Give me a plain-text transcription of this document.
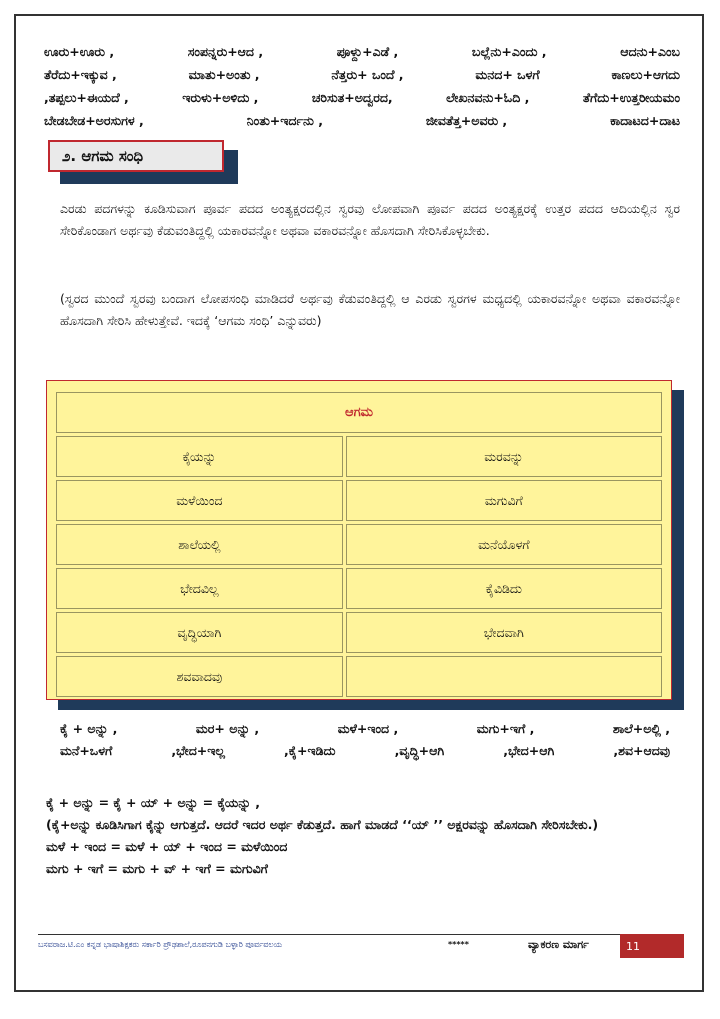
ಊರು+ಊರು ,	ಸಂಪನ್ನರು+ಆದ ,	ಪೂಳ್ದು+ಎಡೆ ,	ಬಲ್ಲೆನು+ಎಂದು ,	ಆದನು+ಎಂಬ
ತೆರೆದು+ಇಕ್ಕುವ ,	ಮಾತು+ಅಂತು ,	ನೆತ್ತರು+ ಒಂದೆ ,	ಮನದ+ ಒಳಗೆ	ಕಾಣಲು+ಆಗದು
,ತಪ್ಪಲು+ಈಯದೆ ,	ಇರುಳು+ಅಳಿದು ,	ಚರಿಸುತ+ಅದ್ವರದ,	ಲೇಖನವನು+ಓದಿ ,	ತೆಗೆದು+ಉತ್ತರೀಯಮಂ
ಬೇಡಬೇಡ+ಅರಸುಗಳ ,	ನಿಂತು+ಇರ್ದನು ,	ಜೀವತೆತ್ತ+ಅವರು ,	ಕಾದಾಟದ+ದಾಟ
೨. ಆಗಮ ಸಂಧಿ
ಎರಡು ಪದಗಳನ್ನು ಕೂಡಿಸುವಾಗ ಪೂರ್ವ ಪದದ ಅಂತ್ಯಕ್ಷರದಲ್ಲಿನ ಸ್ವರವು ಲೋಪವಾಗಿ ಪೂರ್ವ ಪದದ ಅಂತ್ಯಕ್ಷರಕ್ಕೆ ಉತ್ತರ ಪದದ ಆದಿಯಲ್ಲಿನ ಸ್ವರ ಸೇರಿಕೊಂಡಾಗ ಅರ್ಥವು ಕೆಡುವಂತಿದ್ದಲ್ಲಿ ಯಕಾರವನ್ನೋ ಅಥವಾ ವಕಾರವನ್ನೋ ಹೊಸದಾಗಿ ಸೇರಿಸಿಕೊಳ್ಳಬೇಕು.
(ಸ್ವರದ ಮುಂದೆ ಸ್ವರವು ಬಂದಾಗ ಲೋಪಸಂಧಿ ಮಾಡಿದರೆ ಅರ್ಥವು ಕೆಡುವಂತಿದ್ದಲ್ಲಿ ಆ ಎರಡು ಸ್ವರಗಳ ಮಧ್ಯದಲ್ಲಿ ಯಕಾರವನ್ನೋ ಅಥವಾ ವಕಾರವನ್ನೋ ಹೊಸದಾಗಿ ಸೇರಿಸಿ ಹೇಳುತ್ತೇವೆ. ಇದಕ್ಕೆ ‘ಆಗಮ ಸಂಧಿ’ ಎನ್ನುವರು)
ಆಗಮ	
ಕೈಯನ್ನು	ಮರವನ್ನು
ಮಳೆಯಿಂದ	ಮಗುವಿಗೆ
ಶಾಲೆಯಲ್ಲಿ	ಮನೆಯೊಳಗೆ
ಭೇದವಿಲ್ಲ	ಕೈವಿಡಿದು
ವೃದ್ಧಿಯಾಗಿ	ಭೇದವಾಗಿ
ಶವವಾದವು	
ಕೈ + ಅನ್ನು ,	ಮರ+ ಅನ್ನು ,	ಮಳೆ+ಇಂದ ,	ಮಗು+ಇಗೆ ,	ಶಾಲೆ+ಅಲ್ಲಿ ,
ಮನೆ+ಒಳಗೆ	,ಭೇದ+ಇಲ್ಲ	,ಕೈ+ಇಡಿದು	,ವೃದ್ಧಿ+ಆಗಿ	,ಭೇದ+ಆಗಿ	,ಶವ+ಆದವು
ಕೈ + ಅನ್ನು = ಕೈ + ಯ್ + ಅನ್ನು = ಕೈಯನ್ನು ,
(ಕೈ+ಅನ್ನು ಕೂಡಿಸಿಗಾಗ ಕೈನ್ನು ಆಗುತ್ತದೆ. ಆದರೆ ಇದರ ಅರ್ಥ ಕೆಡುತ್ತದೆ. ಹಾಗೆ ಮಾಡದೆ ‘‘ಯ್ ’’ ಅಕ್ಷರವನ್ನು ಹೊಸದಾಗಿ ಸೇರಿಸಬೇಕು.)
ಮಳೆ + ಇಂದ = ಮಳೆ + ಯ್ + ಇಂದ = ಮಳೆಯಿಂದ
ಮಗು + ಇಗೆ = ಮಗು + ವ್ + ಇಗೆ = ಮಗುವಿಗೆ
ಬಸವರಾಜ.ಟಿ.ಎಂ ಕನ್ನಡ ಭಾಷಾಶಿಕ್ಷಕರು ಸರ್ಕಾರಿ ಪ್ರೌಢಶಾಲೆ,ರೂಪನಗುಡಿ ಬಳ್ಳಾರಿ ಪೂರ್ವವಲಯ	*****	ವ್ಯಾಕರಣ ಮಾರ್ಗ	11
